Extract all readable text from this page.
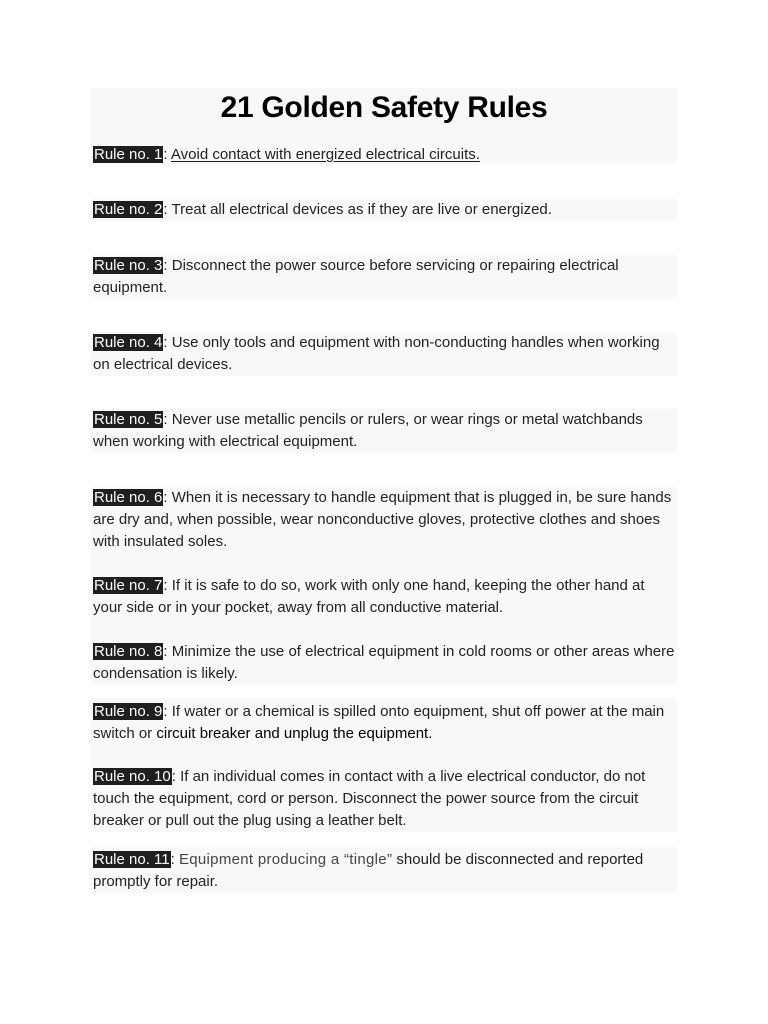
21 Golden Safety Rules

Rule no. 1: Avoid contact with energized electrical circuits.

Rule no. 2: Treat all electrical devices as if they are live or energized.

Rule no. 3: Disconnect the power source before servicing or repairing electrical equipment.

Rule no. 4: Use only tools and equipment with non-conducting handles when working on electrical devices.

Rule no. 5: Never use metallic pencils or rulers, or wear rings or metal watchbands when working with electrical equipment.

Rule no. 6: When it is necessary to handle equipment that is plugged in, be sure hands are dry and, when possible, wear nonconductive gloves, protective clothes and shoes with insulated soles.

Rule no. 7: If it is safe to do so, work with only one hand, keeping the other hand at your side or in your pocket, away from all conductive material.

Rule no. 8: Minimize the use of electrical equipment in cold rooms or other areas where condensation is likely.

Rule no. 9: If water or a chemical is spilled onto equipment, shut off power at the main switch or circuit breaker and unplug the equipment.

Rule no. 10: If an individual comes in contact with a live electrical conductor, do not touch the equipment, cord or person. Disconnect the power source from the circuit breaker or pull out the plug using a leather belt.

Rule no. 11: Equipment producing a “tingle” should be disconnected and reported promptly for repair.
